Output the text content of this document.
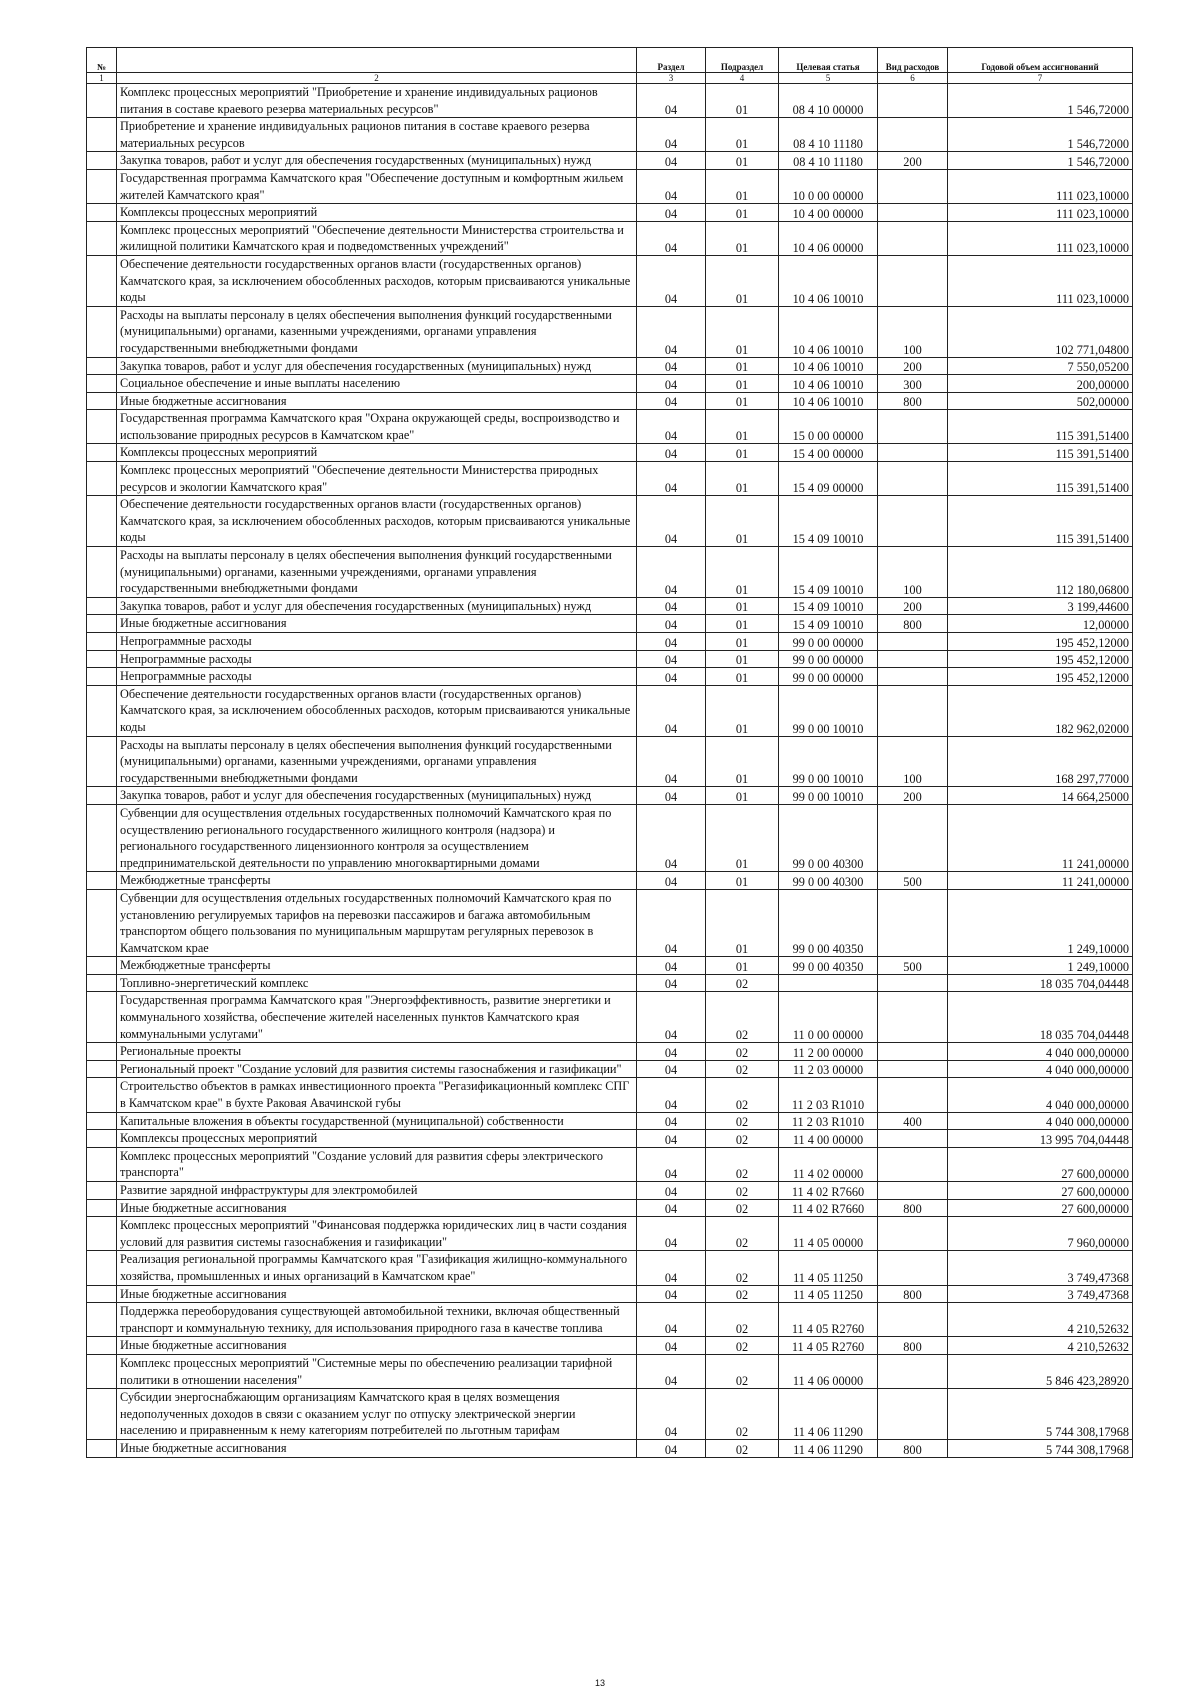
№		Раздел	Подраздел	Целевая статья	Вид расходов	Годовой объем ассигнований
1	2	3	4	5	6	7
	Комплекс процессных мероприятий "Приобретение и хранение индивидуальных рационов питания в составе краевого резерва материальных ресурсов"	04	01	08 4 10 00000		1 546,72000
	Приобретение и хранение индивидуальных рационов питания в составе краевого резерва материальных ресурсов	04	01	08 4 10 11180		1 546,72000
	Закупка товаров, работ и услуг для обеспечения государственных (муниципальных) нужд	04	01	08 4 10 11180	200	1 546,72000
	Государственная программа Камчатского края "Обеспечение доступным и комфортным жильем жителей Камчатского края"	04	01	10 0 00 00000		111 023,10000
	Комплексы процессных мероприятий	04	01	10 4 00 00000		111 023,10000
	Комплекс процессных мероприятий "Обеспечение деятельности Министерства строительства и жилищной политики Камчатского края и подведомственных учреждений"	04	01	10 4 06 00000		111 023,10000
	Обеспечение деятельности государственных органов власти (государственных органов) Камчатского края, за исключением обособленных расходов, которым присваиваются уникальные коды	04	01	10 4 06 10010		111 023,10000
	Расходы на выплаты персоналу в целях обеспечения выполнения функций государственными (муниципальными) органами, казенными учреждениями, органами управления государственными внебюджетными фондами	04	01	10 4 06 10010	100	102 771,04800
	Закупка товаров, работ и услуг для обеспечения государственных (муниципальных) нужд	04	01	10 4 06 10010	200	7 550,05200
	Социальное обеспечение и иные выплаты населению	04	01	10 4 06 10010	300	200,00000
	Иные бюджетные ассигнования	04	01	10 4 06 10010	800	502,00000
	Государственная программа Камчатского края "Охрана окружающей среды, воспроизводство и использование природных ресурсов в Камчатском крае"	04	01	15 0 00 00000		115 391,51400
	Комплексы процессных мероприятий	04	01	15 4 00 00000		115 391,51400
	Комплекс процессных мероприятий "Обеспечение деятельности Министерства природных ресурсов и экологии Камчатского края"	04	01	15 4 09 00000		115 391,51400
	Обеспечение деятельности государственных органов власти (государственных органов) Камчатского края, за исключением обособленных расходов, которым присваиваются уникальные коды	04	01	15 4 09 10010		115 391,51400
	Расходы на выплаты персоналу в целях обеспечения выполнения функций государственными (муниципальными) органами, казенными учреждениями, органами управления государственными внебюджетными фондами	04	01	15 4 09 10010	100	112 180,06800
	Закупка товаров, работ и услуг для обеспечения государственных (муниципальных) нужд	04	01	15 4 09 10010	200	3 199,44600
	Иные бюджетные ассигнования	04	01	15 4 09 10010	800	12,00000
	Непрограммные расходы	04	01	99 0 00 00000		195 452,12000
	Непрограммные расходы	04	01	99 0 00 00000		195 452,12000
	Непрограммные расходы	04	01	99 0 00 00000		195 452,12000
	Обеспечение деятельности государственных органов власти (государственных органов) Камчатского края, за исключением обособленных расходов, которым присваиваются уникальные коды	04	01	99 0 00 10010		182 962,02000
	Расходы на выплаты персоналу в целях обеспечения выполнения функций государственными (муниципальными) органами, казенными учреждениями, органами управления государственными внебюджетными фондами	04	01	99 0 00 10010	100	168 297,77000
	Закупка товаров, работ и услуг для обеспечения государственных (муниципальных) нужд	04	01	99 0 00 10010	200	14 664,25000
	Субвенции для осуществления отдельных государственных полномочий Камчатского края по осуществлению регионального государственного жилищного контроля (надзора) и регионального государственного лицензионного контроля за осуществлением предпринимательской деятельности по управлению многоквартирными домами	04	01	99 0 00 40300		11 241,00000
	Межбюджетные трансферты	04	01	99 0 00 40300	500	11 241,00000
	Субвенции для осуществления отдельных государственных полномочий Камчатского края по установлению регулируемых тарифов на перевозки пассажиров и багажа автомобильным транспортом общего пользования по муниципальным маршрутам регулярных перевозок в Камчатском крае	04	01	99 0 00 40350		1 249,10000
	Межбюджетные трансферты	04	01	99 0 00 40350	500	1 249,10000
	Топливно-энергетический комплекс	04	02			18 035 704,04448
	Государственная программа Камчатского края "Энергоэффективность, развитие энергетики и коммунального хозяйства, обеспечение жителей населенных пунктов Камчатского края коммунальными услугами"	04	02	11 0 00 00000		18 035 704,04448
	Региональные проекты	04	02	11 2 00 00000		4 040 000,00000
	Региональный проект "Создание условий для развития системы газоснабжения и газификации"	04	02	11 2 03 00000		4 040 000,00000
	Строительство объектов в рамках инвестиционного проекта "Регазификационный комплекс СПГ в Камчатском крае" в бухте Раковая Авачинской губы	04	02	11 2 03 R1010		4 040 000,00000
	Капитальные вложения в объекты государственной (муниципальной) собственности	04	02	11 2 03 R1010	400	4 040 000,00000
	Комплексы процессных мероприятий	04	02	11 4 00 00000		13 995 704,04448
	Комплекс процессных мероприятий "Создание условий для развития сферы электрического транспорта"	04	02	11 4 02 00000		27 600,00000
	Развитие зарядной инфраструктуры для электромобилей	04	02	11 4 02 R7660		27 600,00000
	Иные бюджетные ассигнования	04	02	11 4 02 R7660	800	27 600,00000
	Комплекс процессных мероприятий "Финансовая поддержка юридических лиц в части создания условий для развития системы газоснабжения и газификации"	04	02	11 4 05 00000		7 960,00000
	Реализация региональной программы Камчатского края "Газификация жилищно-коммунального хозяйства, промышленных и иных организаций в Камчатском крае"	04	02	11 4 05 11250		3 749,47368
	Иные бюджетные ассигнования	04	02	11 4 05 11250	800	3 749,47368
	Поддержка переоборудования существующей автомобильной техники, включая общественный транспорт и коммунальную технику, для использования природного газа в качестве топлива	04	02	11 4 05 R2760		4 210,52632
	Иные бюджетные ассигнования	04	02	11 4 05 R2760	800	4 210,52632
	Комплекс процессных мероприятий "Системные меры по обеспечению реализации тарифной политики в отношении населения"	04	02	11 4 06 00000		5 846 423,28920
	Субсидии энергоснабжающим организациям Камчатского края в целях возмещения недополученных доходов в связи с оказанием услуг по отпуску электрической энергии населению и приравненным к нему категориям потребителей по льготным тарифам	04	02	11 4 06 11290		5 744 308,17968
	Иные бюджетные ассигнования	04	02	11 4 06 11290	800	5 744 308,17968
13
